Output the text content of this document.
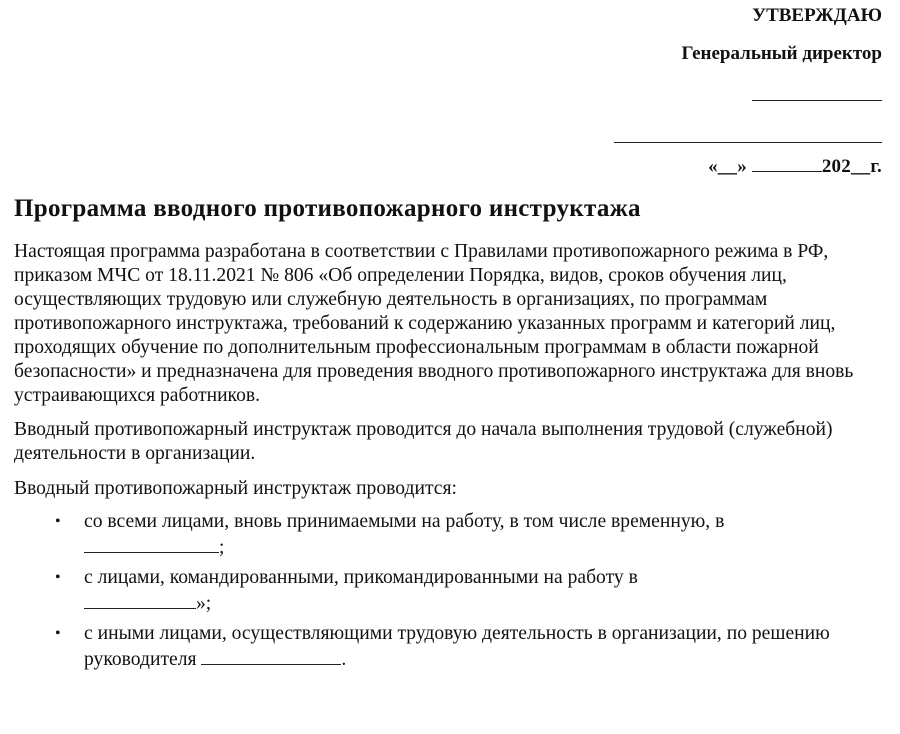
УТВЕРЖДАЮ
Генеральный директор
«__»	202__г.
Программа вводного противопожарного инструктажа

Настоящая программа разработана в соответствии с Правилами противопожарного режима в РФ, приказом МЧС от 18.11.2021 № 806 «Об определении Порядка, видов, сроков обучения лиц, осуществляющих трудовую или служебную деятельность в организациях, по программам противопожарного инструктажа, требований к содержанию указанных программ и категорий лиц, проходящих обучение по дополнительным профессиональным программам в области пожарной безопасности» и предназначена для проведения вводного противопожарного инструктажа для вновь устраивающихся работников.

Вводный противопожарный инструктаж проводится до начала выполнения трудовой (служебной) деятельности в организации.

Вводный противопожарный инструктаж проводится:

• со всеми лицами, вновь принимаемыми на работу, в том числе временную, в
;
• с лицами, командированными, прикомандированными на работу в
»;
• с иными лицами, осуществляющими трудовую деятельность в организации, по решению руководителя	.
